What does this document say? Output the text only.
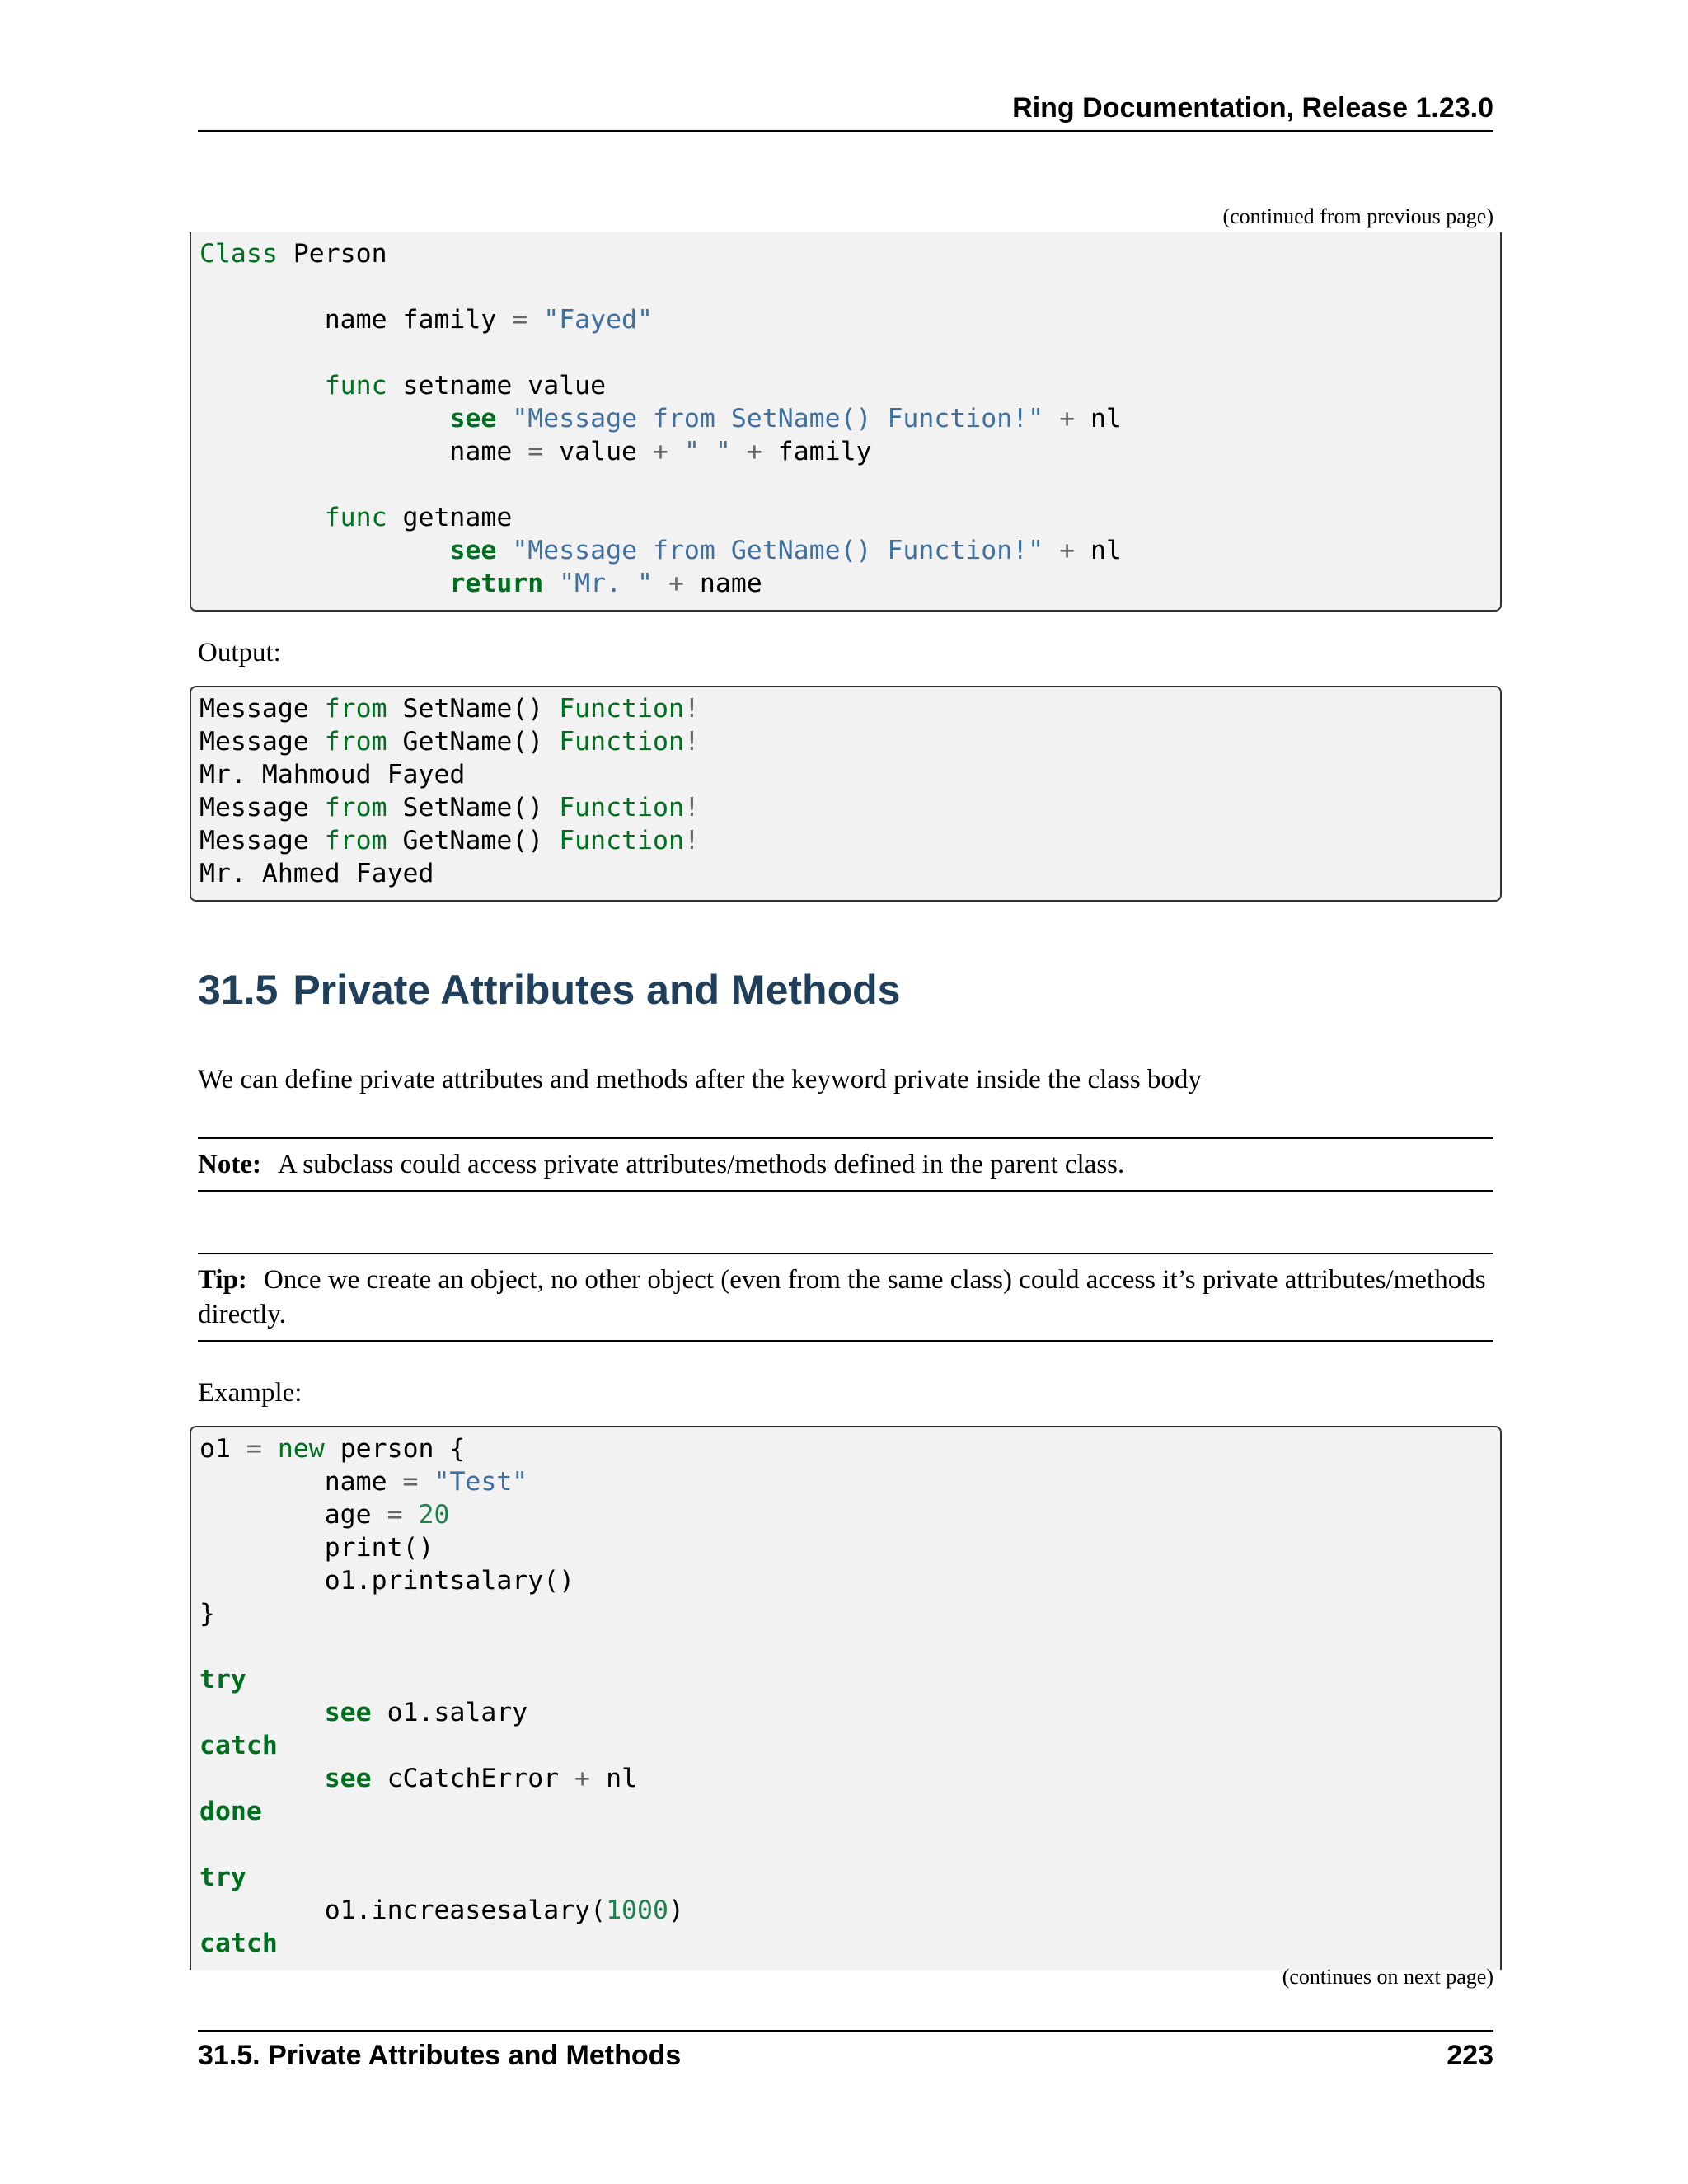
Ring Documentation, Release 1.23.0
(continued from previous page)
Class Person
name family = "Fayed"
func setname value
see "Message from SetName() Function!" + nl
name = value + " " + family
func getname
see "Message from GetName() Function!" + nl
return "Mr. " + name
Output:
Message from SetName() Function!
Message from GetName() Function!
Mr. Mahmoud Fayed
Message from SetName() Function!
Message from GetName() Function!
Mr. Ahmed Fayed
31.5 Private Attributes and Methods
We can define private attributes and methods after the keyword private inside the class body
Note: A subclass could access private attributes/methods defined in the parent class.
Tip: Once we create an object, no other object (even from the same class) could access it’s private attributes/methods directly.
Example:
o1 = new person {
name = "Test"
age = 20
print()
o1.printsalary()
}
try
see o1.salary
catch
see cCatchError + nl
done
try
o1.increasesalary(1000)
catch
(continues on next page)
31.5. Private Attributes and Methods	223
